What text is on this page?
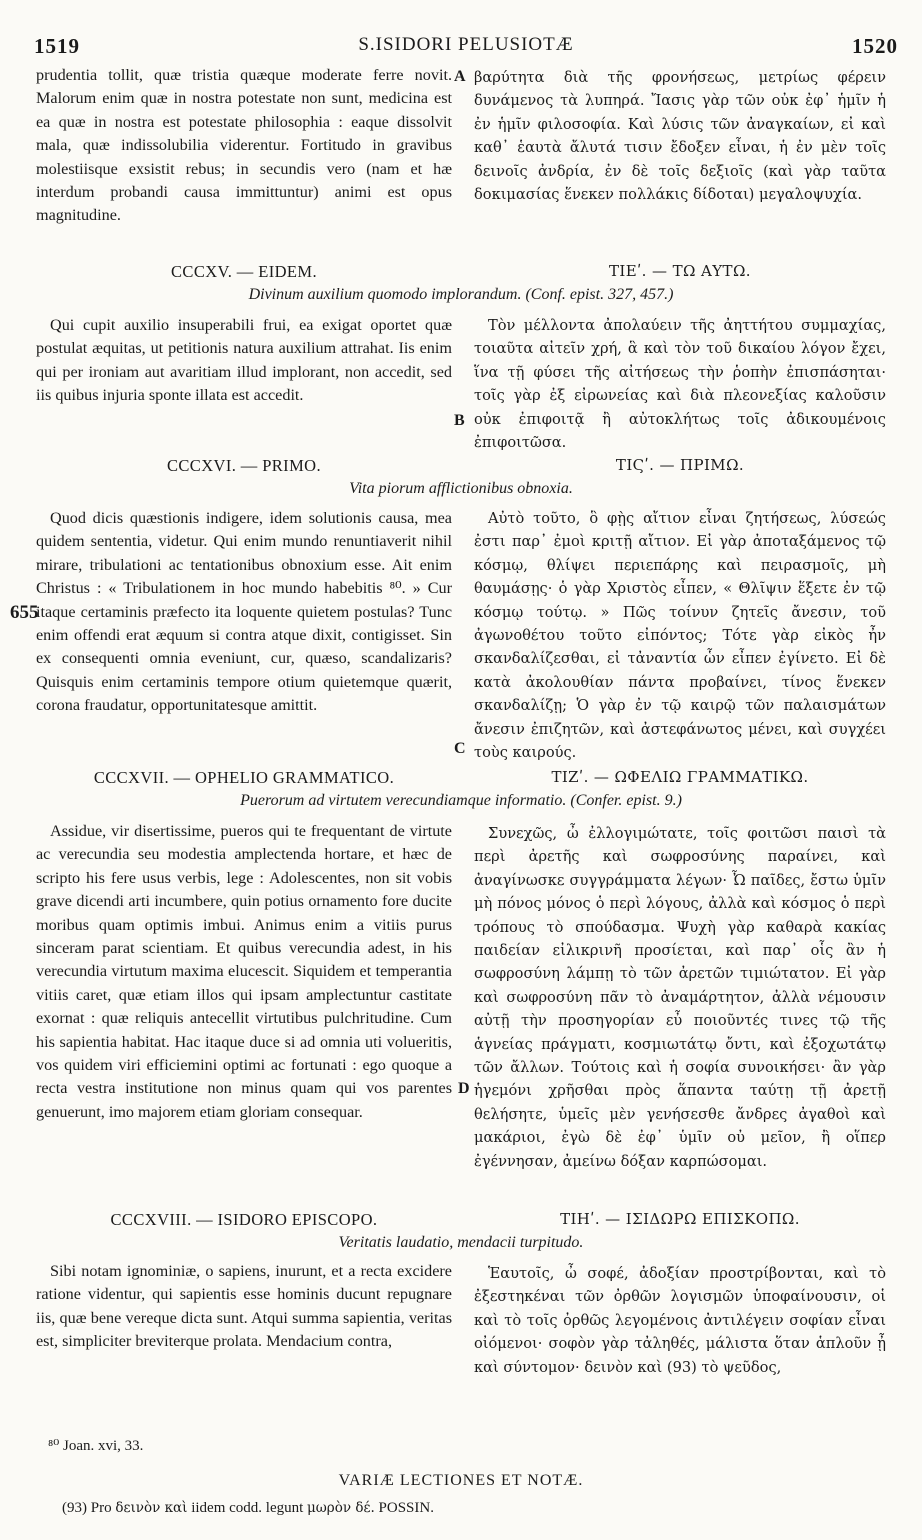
1519	S.ISIDORI PELUSIOTÆ	1520

prudentia tollit, quæ tristia quæque moderate ferre novit. Malorum enim quæ in nostra potestate non sunt, medicina est ea quæ in nostra est potestate philosophia : eaque dissolvit mala, quæ indissolubilia viderentur. Fortitudo in gravibus molestiisque exsistit rebus; in secundis vero (nam et hæ interdum probandi causa immittuntur) animi est opus magnitudine.

βαρύτητα διὰ τῆς φρονήσεως, μετρίως φέρειν δυνάμενος τὰ λυπηρά. Ἴασις γὰρ τῶν οὐκ ἐφ᾽ ἡμῖν ἡ ἐν ἡμῖν φιλοσοφία. Καὶ λύσις τῶν ἀναγκαίων, εἰ καὶ καθ᾽ ἑαυτὰ ἄλυτά τισιν ἔδοξεν εἶναι, ἡ ἐν μὲν τοῖς δεινοῖς ἀνδρία, ἐν δὲ τοῖς δεξιοῖς (καὶ γὰρ ταῦτα δοκιμασίας ἕνεκεν πολλάκις δίδοται) μεγαλοψυχία.

A
CCCXV. — EIDEM.	ΤΙΕʹ. — ΤΩ ΑΥΤΩ.
Divinum auxilium quomodo implorandum. (Conf. epist. 327, 457.)

Qui cupit auxilio insuperabili frui, ea exigat oportet quæ postulat æquitas, ut petitionis natura auxilium attrahat. Iis enim qui per ironiam aut avaritiam illud implorant, non accedit, sed iis quibus injuria sponte illata est accedit.

Τὸν μέλλοντα ἀπολαύειν τῆς ἀηττήτου συμμαχίας, τοιαῦτα αἰτεῖν χρή, ἃ καὶ τὸν τοῦ δικαίου λόγον ἔχει, ἵνα τῇ φύσει τῆς αἰτήσεως τὴν ῥοπὴν ἐπισπάσηται· τοῖς γὰρ ἐξ εἰρωνείας καὶ διὰ πλεονεξίας καλοῦσιν οὐκ ἐπιφοιτᾷ ἢ αὐτοκλήτως τοῖς ἀδικουμένοις ἐπιφοιτῶσα.

B
CCCXVI. — PRIMO.	ΤΙϚʹ. — ΠΡΙΜΩ.
Vita piorum afflictionibus obnoxia.

Quod dicis quæstionis indigere, idem solutionis causa, mea quidem sententia, videtur. Qui enim mundo renuntiaverit nihil mirare, tribulationi ac tentationibus obnoxium esse. Ait enim Christus : « Tribulationem in hoc mundo habebitis ⁸⁰. » Cur itaque certaminis præfecto ita loquente quietem postulas? Tunc enim offendi erat æquum si contra atque dixit, contigisset. Sin ex consequenti omnia eveniunt, cur, quæso, scandalizaris? Quisquis enim certaminis tempore otium quietemque quærit, corona fraudatur, opportunitatesque amittit.

Αὐτὸ τοῦτο, ὃ φῂς αἴτιον εἶναι ζητήσεως, λύσεώς ἐστι παρ᾽ ἐμοὶ κριτῇ αἴτιον. Εἰ γὰρ ἀποταξάμενος τῷ κόσμῳ, θλίψει περιεπάρης καὶ πειρασμοῖς, μὴ θαυμάσῃς· ὁ γὰρ Χριστὸς εἶπεν, « Θλῖψιν ἕξετε ἐν τῷ κόσμῳ τούτῳ. » Πῶς τοίνυν ζητεῖς ἄνεσιν, τοῦ ἀγωνοθέτου τοῦτο εἰπόντος; Τότε γὰρ εἰκὸς ἦν σκανδαλίζεσθαι, εἰ τἀναντία ὧν εἶπεν ἐγίνετο. Εἰ δὲ κατὰ ἀκολουθίαν πάντα προβαίνει, τίνος ἕνεκεν σκανδαλίζῃ; Ὁ γὰρ ἐν τῷ καιρῷ τῶν παλαισμάτων ἄνεσιν ἐπιζητῶν, καὶ ἀστεφάνωτος μένει, καὶ συγχέει τοὺς καιρούς.

655
C
CCCXVII. — OPHELIO GRAMMATICO.	ΤΙΖʹ. — ΩΦΕΛΙΩ ΓΡΑΜΜΑΤΙΚΩ.
Puerorum ad virtutem verecundiamque informatio. (Confer. epist. 9.)

Assidue, vir disertissime, pueros qui te frequentant de virtute ac verecundia seu modestia amplectenda hortare, et hæc de scripto his fere usus verbis, lege : Adolescentes, non sit vobis grave dicendi arti incumbere, quin potius ornamento fore ducite moribus quam optimis imbui. Animus enim a vitiis purus sinceram parat scientiam. Et quibus verecundia adest, in his verecundia virtutum maxima elucescit. Siquidem et temperantia vitiis caret, quæ etiam illos qui ipsam amplectuntur castitate exornat : quæ reliquis antecellit virtutibus pulchritudine. Cum his sapientia habitat. Hac itaque duce si ad omnia uti volueritis, vos quidem viri efficiemini optimi ac fortunati : ego quoque a recta vestra institutione non minus quam qui vos parentes genuerunt, imo majorem etiam gloriam consequar.

Συνεχῶς, ὦ ἐλλογιμώτατε, τοῖς φοιτῶσι παισὶ τὰ περὶ ἀρετῆς καὶ σωφροσύνης παραίνει, καὶ ἀναγίνωσκε συγγράμματα λέγων· Ὦ παῖδες, ἔστω ὑμῖν μὴ πόνος μόνος ὁ περὶ λόγους, ἀλλὰ καὶ κόσμος ὁ περὶ τρόπους τὸ σπούδασμα. Ψυχὴ γὰρ καθαρὰ κακίας παιδείαν εἰλικρινῆ προσίεται, καὶ παρ᾽ οἷς ἂν ἡ σωφροσύνη λάμπῃ τὸ τῶν ἀρετῶν τιμιώτατον. Εἰ γὰρ καὶ σωφροσύνη πᾶν τὸ ἀναμάρτητον, ἀλλὰ νέμουσιν αὐτῇ τὴν προσηγορίαν εὖ ποιοῦντές τινες τῷ τῆς ἁγνείας πράγματι, κοσμιωτάτῳ ὄντι, καὶ ἐξοχωτάτῳ τῶν ἄλλων. Τούτοις καὶ ἡ σοφία συνοικήσει· ἂν γὰρ ἡγεμόνι χρῆσθαι πρὸς ἅπαντα ταύτῃ τῇ ἀρετῇ θελήσητε, ὑμεῖς μὲν γενήσεσθε ἄνδρες ἀγαθοὶ καὶ μακάριοι, ἐγὼ δὲ ἐφ᾽ ὑμῖν οὐ μεῖον, ἢ οἵπερ ἐγέννησαν, ἀμείνω δόξαν καρπώσομαι.

D
CCCXVIII. — ISIDORO EPISCOPO.	ΤΙΗʹ. — ΙΣΙΔΩΡΩ ΕΠΙΣΚΟΠΩ.
Veritatis laudatio, mendacii turpitudo.

Sibi notam ignominiæ, o sapiens, inurunt, et a recta excidere ratione videntur, qui sapientis esse hominis ducunt repugnare iis, quæ bene vereque dicta sunt. Atqui summa sapientia, veritas est, simpliciter breviterque prolata. Mendacium contra,

Ἑαυτοῖς, ὦ σοφέ, ἀδοξίαν προστρίβονται, καὶ τὸ ἐξεστηκέναι τῶν ὀρθῶν λογισμῶν ὑποφαίνουσιν, οἱ καὶ τὸ τοῖς ὀρθῶς λεγομένοις ἀντιλέγειν σοφίαν εἶναι οἰόμενοι· σοφὸν γὰρ τἀληθές, μάλιστα ὅταν ἁπλοῦν ᾖ καὶ σύντομον· δεινὸν καὶ (93) τὸ ψεῦδος,

⁸⁰ Joan. xvi, 33.
VARIÆ LECTIONES ET NOTÆ.
(93) Pro δεινὸν καὶ iidem codd. legunt μωρὸν δέ. POSSIN.
